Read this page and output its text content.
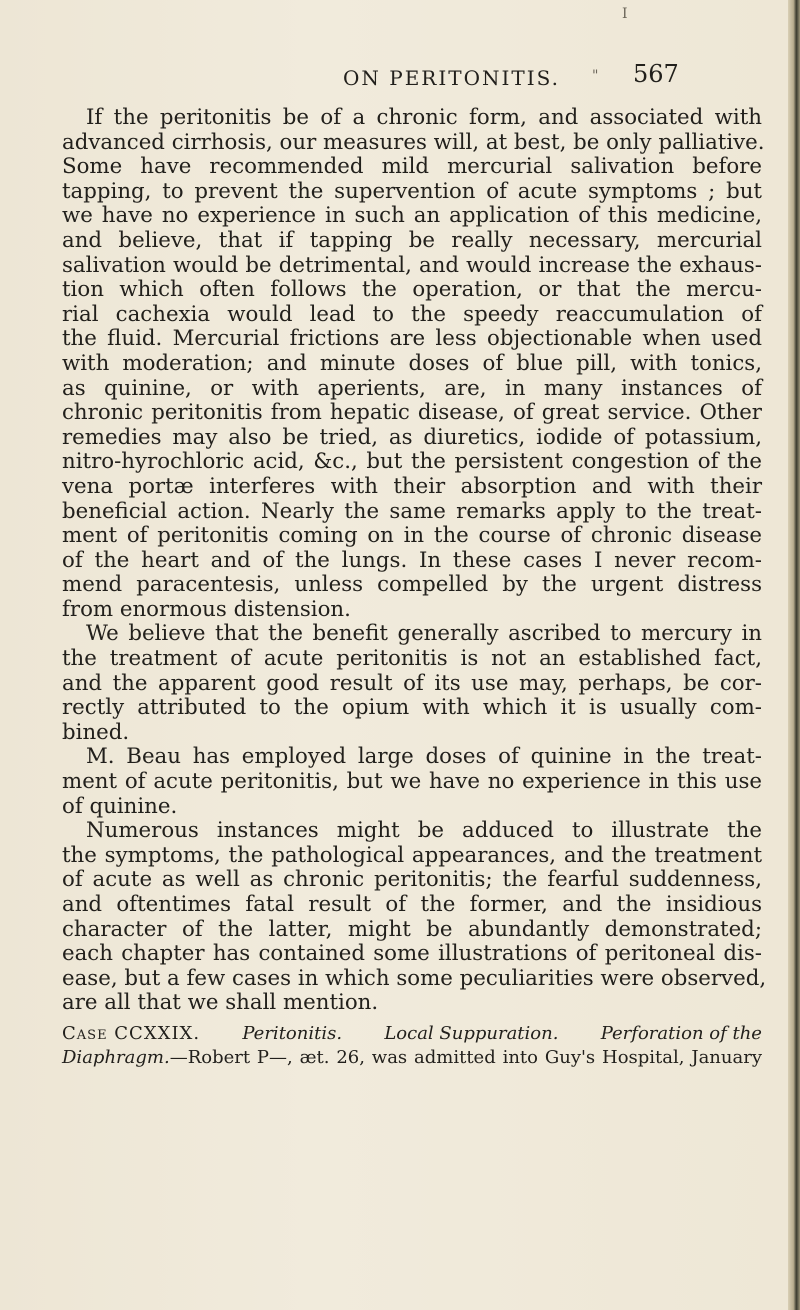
I
"
ON PERITONITIS.	567
If the peritonitis be of a chronic form, and associated with
advanced cirrhosis, our measures will, at best, be only palliative.
Some have recommended mild mercurial salivation before
tapping, to prevent the supervention of acute symptoms ; but
we have no experience in such an application of this medicine,
and believe, that if tapping be really necessary, mercurial
salivation would be detrimental, and would increase the exhaus-
tion which often follows the operation, or that the mercu-
rial cachexia would lead to the speedy reaccumulation of
the fluid. Mercurial frictions are less objectionable when used
with moderation; and minute doses of blue pill, with tonics,
as quinine, or with aperients, are, in many instances of
chronic peritonitis from hepatic disease, of great service. Other
remedies may also be tried, as diuretics, iodide of potassium,
nitro-hyrochloric acid, &c., but the persistent congestion of the
vena portæ interferes with their absorption and with their
beneficial action. Nearly the same remarks apply to the treat-
ment of peritonitis coming on in the course of chronic disease
of the heart and of the lungs. In these cases I never recom-
mend paracentesis, unless compelled by the urgent distress
from enormous distension.
We believe that the benefit generally ascribed to mercury in
the treatment of acute peritonitis is not an established fact,
and the apparent good result of its use may, perhaps, be cor-
rectly attributed to the opium with which it is usually com-
bined.
M. Beau has employed large doses of quinine in the treat-
ment of acute peritonitis, but we have no experience in this use
of quinine.
Numerous instances might be adduced to illustrate the
the symptoms, the pathological appearances, and the treatment
of acute as well as chronic peritonitis; the fearful suddenness,
and oftentimes fatal result of the former, and the insidious
character of the latter, might be abundantly demonstrated;
each chapter has contained some illustrations of peritoneal dis-
ease, but a few cases in which some peculiarities were observed,
are all that we shall mention.
Case CCXXIX. Peritonitis. Local Suppuration. Perforation of the
Diaphragm. —Robert P—, æt. 26, was admitted into Guy's Hospital, January
